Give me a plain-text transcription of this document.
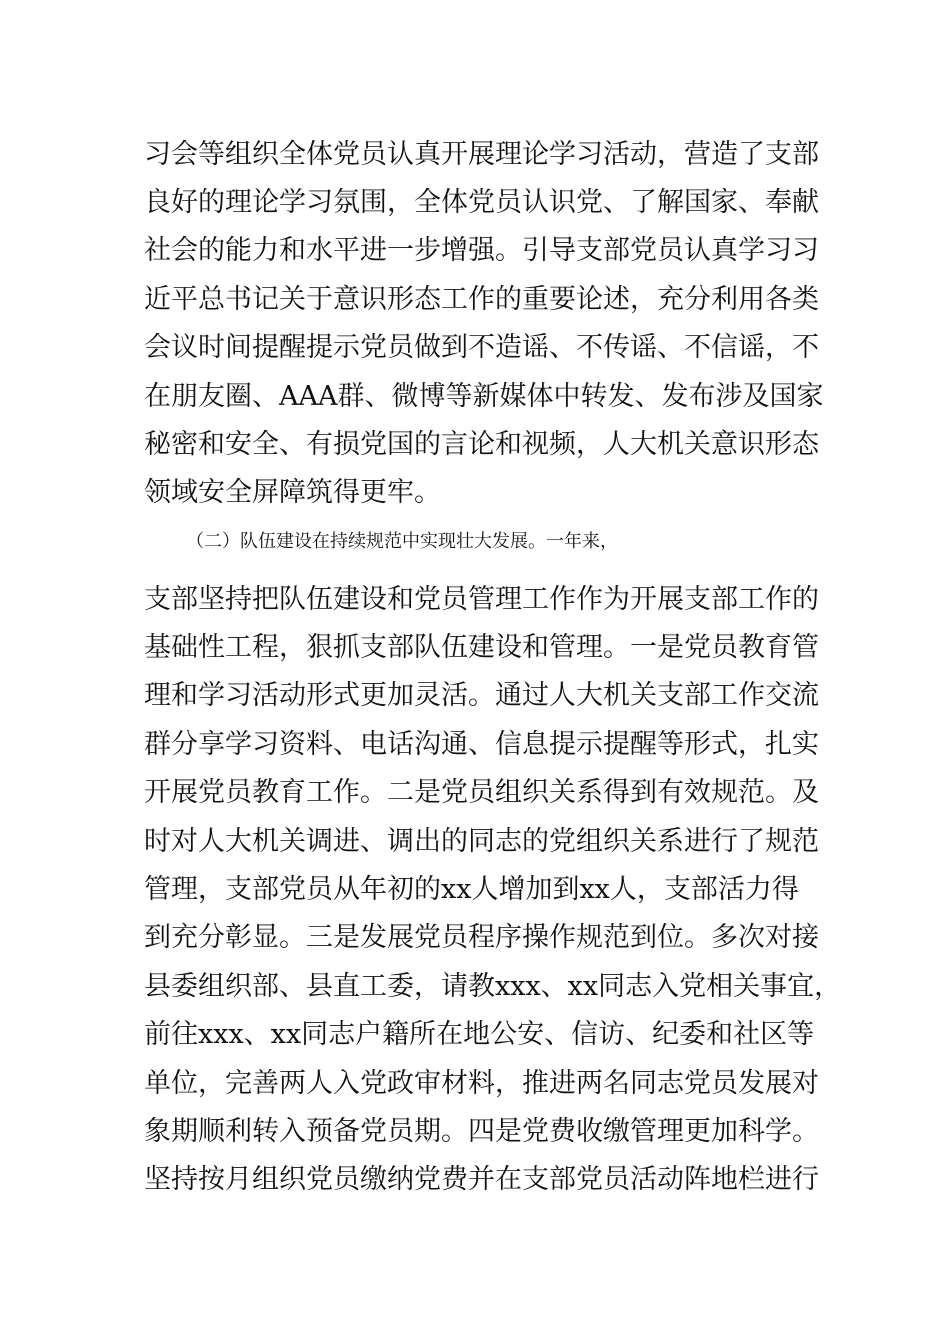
习会等组织全体党员认真开展理论学习活动，营造了支部
良好的理论学习氛围，全体党员认识党、了解国家、奉献
社会的能力和水平进一步增强。引导支部党员认真学习习
近平总书记关于意识形态工作的重要论述，充分利用各类
会议时间提醒提示党员做到不造谣、不传谣、不信谣，不
在朋友圈、AAA群、微博等新媒体中转发、发布涉及国家
秘密和安全、有损党国的言论和视频，人大机关意识形态
领域安全屏障筑得更牢。
（二）队伍建设在持续规范中实现壮大发展。一年来，
支部坚持把队伍建设和党员管理工作作为开展支部工作的
基础性工程，狠抓支部队伍建设和管理。一是党员教育管
理和学习活动形式更加灵活。通过人大机关支部工作交流
群分享学习资料、电话沟通、信息提示提醒等形式，扎实
开展党员教育工作。二是党员组织关系得到有效规范。及
时对人大机关调进、调出的同志的党组织关系进行了规范
管理，支部党员从年初的xx人增加到xx人，支部活力得
到充分彰显。三是发展党员程序操作规范到位。多次对接
县委组织部、县直工委，请教xxx、xx同志入党相关事宜，
前往xxx、xx同志户籍所在地公安、信访、纪委和社区等
单位，完善两人入党政审材料，推进两名同志党员发展对
象期顺利转入预备党员期。四是党费收缴管理更加科学。
坚持按月组织党员缴纳党费并在支部党员活动阵地栏进行
